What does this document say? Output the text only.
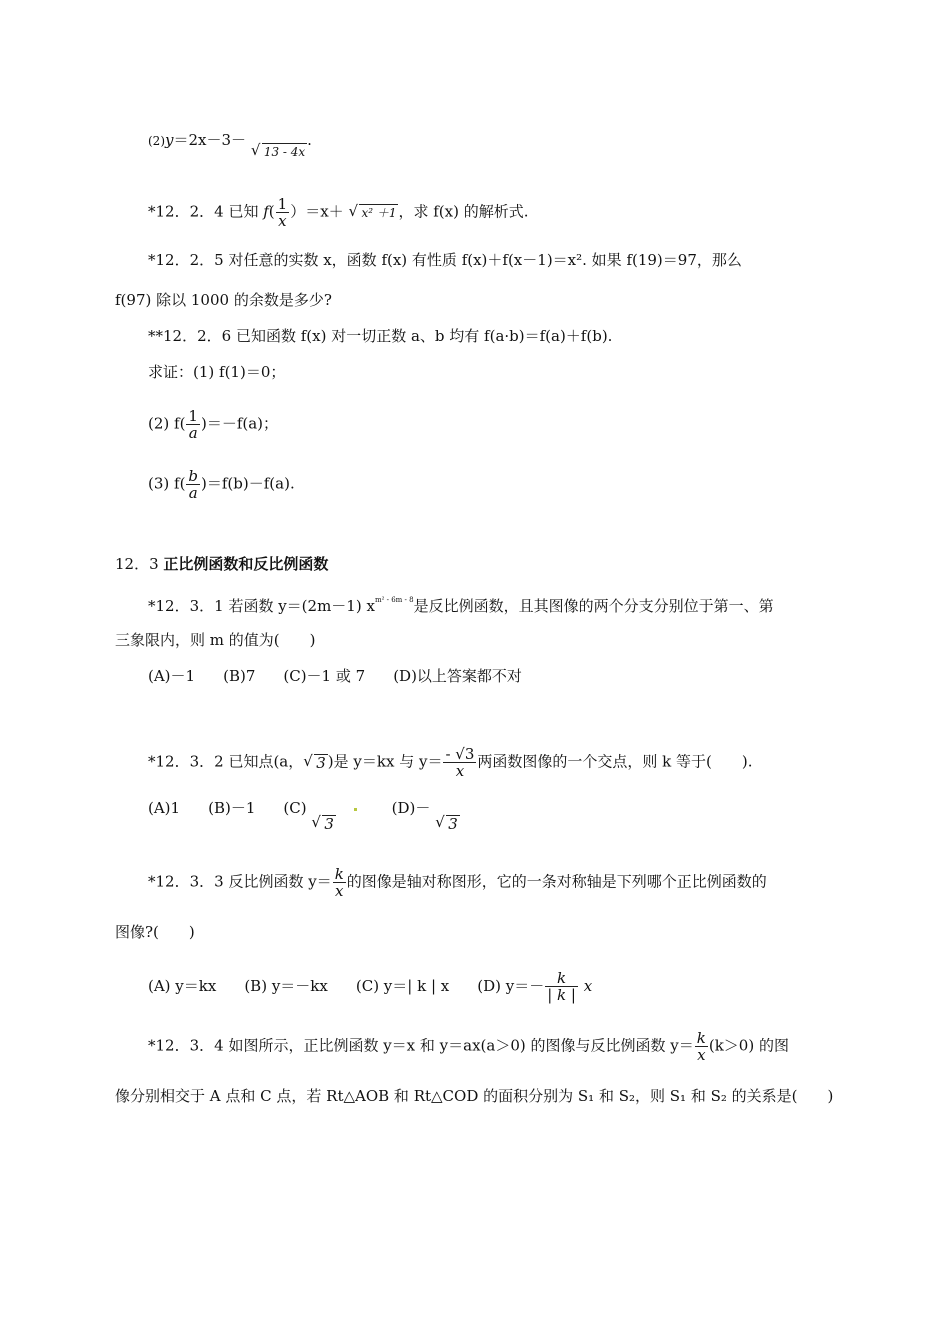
(2)y＝2x－3－
√ 13 - 4x.
*12．2．4 已知 $f( \frac{1}{x} )=x+$ √ x² ＋1 ，求 f(x) 的解析式.
*12．2．5 对任意的实数 x，函数 f(x) 有性质 f(x)＋f(x－1)＝x². 如果 f(19)＝97，那么
f(97) 除以 1000 的余数是多少?
**12．2．6 已知函数 f(x) 对一切正数 a、b 均有 f(a·b)＝f(a)＋f(b).
求证：(1) f(1)＝0；
(2) $f( \frac{1}{a} )=-f(a)$；
(3) $f( \frac{b}{a} )=f(b)-f(a)$.
12．3 正比例函数和反比例函数
*12．3．1 若函数 y＝(2m－1) $x^{m^2 - 6m - 8}$是反比例函数，且其图像的两个分支分别位于第一、第
三象限内，则 m 的值为(　　)
(A)－1 (B)7 (C)－1 或 7 (D)以上答案都不对
*12．3．2 已知点(a， √ 3 )是 y＝kx 与 $y= \frac{- √3}{x}$ 两函数图像的一个交点，则 k 等于(　　).
(A)1 (B)－1 (C)
√ 3 (D)－
√ 3
*12．3．3 反比例函数 $y= \frac{k}{x}$ 的图像是轴对称图形，它的一条对称轴是下列哪个正比例函数的
图像?(　　)
(A) y＝kx (B) y＝－kx (C) y＝| k | x (D) $y=- \frac{k}{| k |}$ x
*12．3．4 如图所示，正比例函数 y＝x 和 y＝ax(a＞0) 的图像与反比例函数 $y= \frac{k}{x} (k>0)$ 的图
像分别相交于 A 点和 C 点，若 Rt△AOB 和 Rt△COD 的面积分别为 S₁ 和 S₂，则 S₁ 和 S₂ 的关系是(　　)
